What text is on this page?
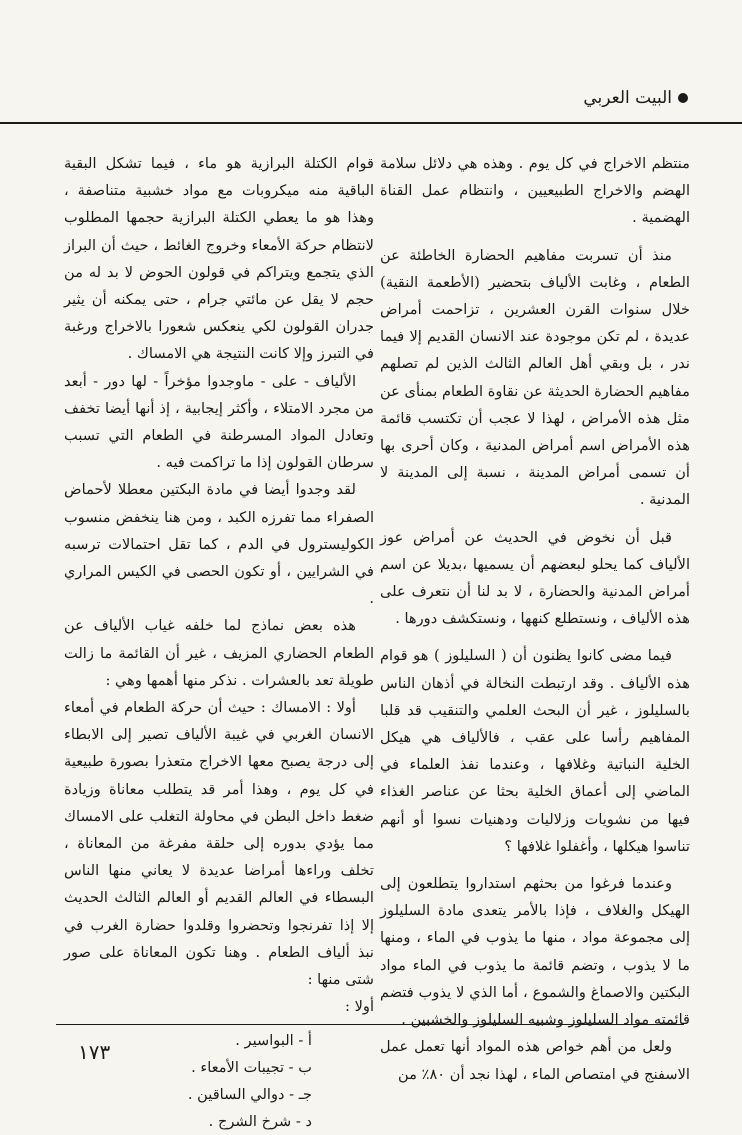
البيت العربي

منتظم الاخراج في كل يوم . وهذه هي دلائل سلامة الهضم والاخراج الطبيعيين ، وانتظام عمل القناة الهضمية .

منذ أن تسربت مفاهيم الحضارة الخاطئة عن الطعام ، وغابت الألياف بتحضير (الأطعمة النقية) خلال سنوات القرن العشرين ، تزاحمت أمراض عديدة ، لم تكن موجودة عند الانسان القديم إلا فيما ندر ، بل وبقي أهل العالم الثالث الذين لم تصلهم مفاهيم الحضارة الحديثة عن نقاوة الطعام بمنأى عن مثل هذه الأمراض ، لهذا لا عجب أن تكتسب قائمة هذه الأمراض اسم أمراض المدنية ، وكان أحرى بها أن تسمى أمراض المدينة ، نسبة إلى المدينة لا المدنية .

قبل أن نخوض في الحديث عن أمراض عوز الألياف كما يحلو لبعضهم أن يسميها ،بديلا عن اسم أمراض المدنية والحضارة ، لا بد لنا أن نتعرف على هذه الألياف ، ونستطلع كنهها ، ونستكشف دورها .

فيما مضى كانوا يظنون أن ( السليلوز ) هو قوام هذه الألياف . وقد ارتبطت النخالة في أذهان الناس بالسليلوز ، غير أن البحث العلمي والتنقيب قد قلبا المفاهيم رأسا على عقب ، فالألياف هي هيكل الخلية النباتية وغلافها ، وعندما نفذ العلماء في الماضي إلى أعماق الخلية بحثا عن عناصر الغذاء فيها من نشويات وزلاليات ودهنيات نسوا أو أنهم تناسوا هيكلها ، وأغفلوا غلافها ؟

وعندما فرغوا من بحثهم استداروا يتطلعون إلى الهيكل والغلاف ، فإذا بالأمر يتعدى مادة السليلوز إلى مجموعة مواد ، منها ما يذوب في الماء ، ومنها ما لا يذوب ، وتضم قائمة ما يذوب في الماء مواد البكتين والاصماغ والشموع ، أما الذي لا يذوب فتضم قائمته مواد السليلوز وشبيه السليلوز والخشبين .

ولعل من أهم خواص هذه المواد أنها تعمل عمل الاسفنج في امتصاص الماء ، لهذا نجد أن ٨٠٪ من

قوام الكتلة البرازية هو ماء ، فيما تشكل البقية الباقية منه ميكروبات مع مواد خشبية متناصفة ، وهذا هو ما يعطي الكتلة البرازية حجمها المطلوب لانتظام حركة الأمعاء وخروج الغائط ، حيث أن البراز الذي يتجمع ويتراكم في قولون الحوض لا بد له من حجم لا يقل عن مائتي جرام ، حتى يمكنه أن يثير جدران القولون لكي ينعكس شعورا بالاخراج ورغبة في التبرز وإلا كانت النتيجة هي الامساك .

الألياف - على - ماوجدوا مؤخراً - لها دور - أبعد من مجرد الامتلاء ، وأكثر إيجابية ، إذ أنها أيضا تخفف وتعادل المواد المسرطنة في الطعام التي تسبب سرطان القولون إذا ما تراكمت فيه .

لقد وجدوا أيضا في مادة البكتين معطلا لأحماض الصفراء مما تفرزه الكبد ، ومن هنا ينخفض منسوب الكوليسترول في الدم ، كما تقل احتمالات ترسبه في الشرايين ، أو تكون الحصى في الكيس المراري .

هذه بعض نماذج لما خلفه غياب الألياف عن الطعام الحضاري المزيف ، غير أن القائمة ما زالت طويلة تعد بالعشرات . نذكر منها أهمها وهي :

أولا : الامساك : حيث أن حركة الطعام في أمعاء الانسان الغربي في غيبة الألياف تصير إلى الابطاء إلى درجة يصبح معها الاخراج متعذرا بصورة طبيعية في كل يوم ، وهذا أمر قد يتطلب معاناة وزيادة ضغط داخل البطن في محاولة التغلب على الامساك مما يؤدي بدوره إلى حلقة مفرغة من المعاناة ، تخلف وراءها أمراضا عديدة لا يعاني منها الناس البسطاء في العالم القديم أو العالم الثالث الحديث إلا إذا تفرنجوا وتحضروا وقلدوا حضارة الغرب في نبذ ألياف الطعام . وهنا تكون المعاناة على صور شتى منها :

أولا :

أ - البواسير .
ب - تجيبات الأمعاء .
جـ - دوالي الساقين .
د - شرخ الشرج .
١٧٣
